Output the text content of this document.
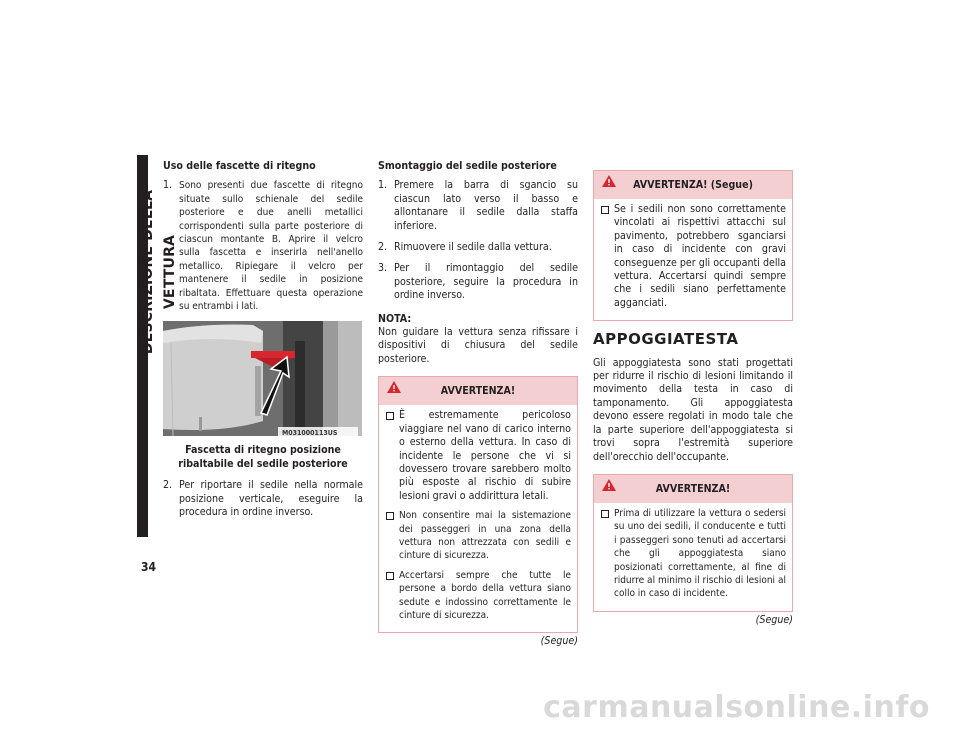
DESCRIZIONE DELLA VETTURA
34

Uso delle fascette di ritegno

1. Sono presenti due fascette di ritegno situate sullo schienale del sedile posteriore e due anelli metallici corrispondenti sulla parte posteriore di ciascun montante B. Aprire il velcro sulla fascetta e inserirla nell'anello metallico. Ripiegare il velcro per mantenere il sedile in posizione ribaltata. Effettuare questa operazione su entrambi i lati.
M031000113US
Fascetta di ritegno posizione ribaltabile del sedile posteriore
2. Per riportare il sedile nella normale posizione verticale, eseguire la procedura in ordine inverso.

Smontaggio del sedile posteriore

1. Premere la barra di sgancio su ciascun lato verso il basso e allontanare il sedile dalla staffa inferiore.
2. Rimuovere il sedile dalla vettura.
3. Per il rimontaggio del sedile posteriore, seguire la procedura in ordine inverso.

NOTA:

Non guidare la vettura senza rifissare i dispositivi di chiusura del sedile posteriore.

AVVERTENZA!
È estremamente pericoloso viaggiare nel vano di carico interno o esterno della vettura. In caso di incidente le persone che vi si dovessero trovare sarebbero molto più esposte al rischio di subire lesioni gravi o addirittura letali.
Non consentire mai la sistemazione dei passeggeri in una zona della vettura non attrezzata con sedili e cinture di sicurezza.
Accertarsi sempre che tutte le persone a bordo della vettura siano sedute e indossino correttamente le cinture di sicurezza.
(Segue)
AVVERTENZA! (Segue)
Se i sedili non sono correttamente vincolati ai rispettivi attacchi sul pavimento, potrebbero sganciarsi in caso di incidente con gravi conseguenze per gli occupanti della vettura. Accertarsi quindi sempre che i sedili siano perfettamente agganciati.
APPOGGIATESTA

Gli appoggiatesta sono stati progettati per ridurre il rischio di lesioni limitando il movimento della testa in caso di tamponamento. Gli appoggiatesta devono essere regolati in modo tale che la parte superiore dell'appoggiatesta si trovi sopra l'estremità superiore dell'orecchio dell'occupante.

AVVERTENZA!
Prima di utilizzare la vettura o sedersi su uno dei sedili, il conducente e tutti i passeggeri sono tenuti ad accertarsi che gli appoggiatesta siano posizionati correttamente, al fine di ridurre al minimo il rischio di lesioni al collo in caso di incidente.
(Segue)
carmanualsonline.info
